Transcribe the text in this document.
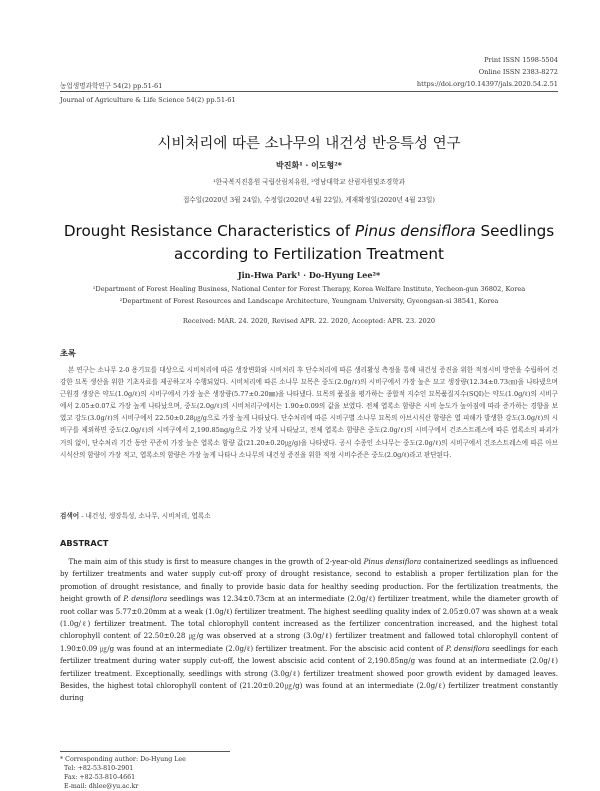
Print ISSN 1598-5504
Online ISSN 2383-8272
농업생명과학연구 54(2) pp.51-61	https://doi.org/10.14397/jals.2020.54.2.51
Journal of Agriculture & Life Science 54(2) pp.51-61
시비처리에 따른 소나무의 내건성 반응특성 연구
박진화¹ · 이도형²*
¹한국복지진흥원 국립산림치유원, ²영남대학교 산림자원및조경학과
접수일(2020년 3월 24일), 수정일(2020년 4월 22일), 게재확정일(2020년 4월 23일)
Drought Resistance Characteristics of Pinus densiflora Seedlings
according to Fertilization Treatment
Jin-Hwa Park¹ · Do-Hyung Lee²*
¹Department of Forest Healing Business, National Center for Forest Therapy, Korea Welfare Institute, Yecheon-gun 36802, Korea
²Department of Forest Resources and Landscape Architecture, Yeungnam University, Gyeongsan-si 38541, Korea
Received: MAR. 24. 2020, Revised APR. 22. 2020, Accepted: APR. 23. 2020
초록
본 연구는 소나무 2-0 용기묘를 대상으로 시비처리에 따른 생장변화와 시비처리 후 단수처리에 따른 생리활성 측정을 통해 내건성 증진을 위한 적정시비 방안을 수립하여 건강한 묘목 생산을 위한 기초자료를 제공하고자 수행되었다. 시비처리에 따른 소나무 묘목은 중도(2.0g/ℓ)의 시비구에서 가장 높은 묘고 생장량(12.34±0.73㎝)을 나타냈으며 근원경 생장은 약도(1.0g/ℓ)의 시비구에서 가장 높은 생장량(5.77±0.20㎜)을 나타냈다. 묘목의 품질을 평가하는 종합적 지수인 묘목품질지수(SQI)는 약도(1.0g/ℓ)의 시비구에서 2.05±0.07로 가장 높게 나타났으며, 중도(2.0g/ℓ)의 시비처리구에서는 1.90±0.09의 값을 보였다. 전체 엽록소 함량은 시비 농도가 높아짐에 따라 증가하는 경향을 보였고 강도(3.0g/ℓ)의 시비구에서 22.50±0.28㎍/g으로 가장 높게 나타났다. 단수처리에 따른 시비구별 소나무 묘목의 아브시식산 함량은 엽 피해가 발생한 강도(3.0g/ℓ)의 시비구를 제외하면 중도(2.0g/ℓ)의 시비구에서 2,190.85ng/g으로 가장 낮게 나타났고, 전체 엽록소 함량은 중도(2.0g/ℓ)의 시비구에서 건조스트레스에 따른 엽록소의 파괴가 거의 없이, 단수처리 기간 동안 꾸준히 가장 높은 엽록소 함량 값(21.20±0.20㎍/g)을 나타냈다. 공시 수종인 소나무는 중도(2.0g/ℓ)의 시비구에서 건조스트레스에 따른 아브시식산의 함량이 가장 적고, 엽록소의 함량은 가장 높게 나타나 소나무의 내건성 증진을 위한 적정 시비수준은 중도(2.0g/ℓ)라고 판단된다.
검색어 - 내건성, 생장특성, 소나무, 시비처리, 엽록소
ABSTRACT
The main aim of this study is first to measure changes in the growth of 2-year-old Pinus densiflora containerized seedlings as influenced by fertilizer treatments and water supply cut-off proxy of drought resistance, second to establish a proper fertilization plan for the promotion of drought resistance, and finally to provide basic data for healthy seeding production. For the fertilization treatments, the height growth of P. densiflora seedlings was 12.34±0.73cm at an intermediate (2.0g/ℓ) fertilizer treatment, while the diameter growth of root collar was 5.77±0.20mm at a weak (1.0g/ℓ) fertilizer treatment. The highest seedling quality index of 2.05±0.07 was shown at a weak (1.0g/ℓ) fertilizer treatment. The total chlorophyll content increased as the fertilizer concentration increased, and the highest total chlorophyll content of 22.50±0.28 ㎍/g was observed at a strong (3.0g/ℓ) fertilizer treatment and fallowed total chlorophyll content of 1.90±0.09 ㎍/g was found at an intermediate (2.0g/ℓ) fertilizer treatment. For the abscisic acid content of P. densiflora seedlings for each fertilizer treatment during water supply cut-off, the lowest abscisic acid content of 2,190.85ng/g was found at an intermediate (2.0g/ℓ) fertilizer treatment. Exceptionally, seedlings with strong (3.0g/ℓ) fertilizer treatment showed poor growth evident by damaged leaves. Besides, the highest total chlorophyll content of (21.20±0.20㎍/g) was found at an intermediate (2.0g/ℓ) fertilizer treatment constantly during
* Corresponding author: Do-Hyung Lee
Tel: +82-53-810-2901
Fax: +82-53-810-4661
E-mail: dhlee@yu.ac.kr
